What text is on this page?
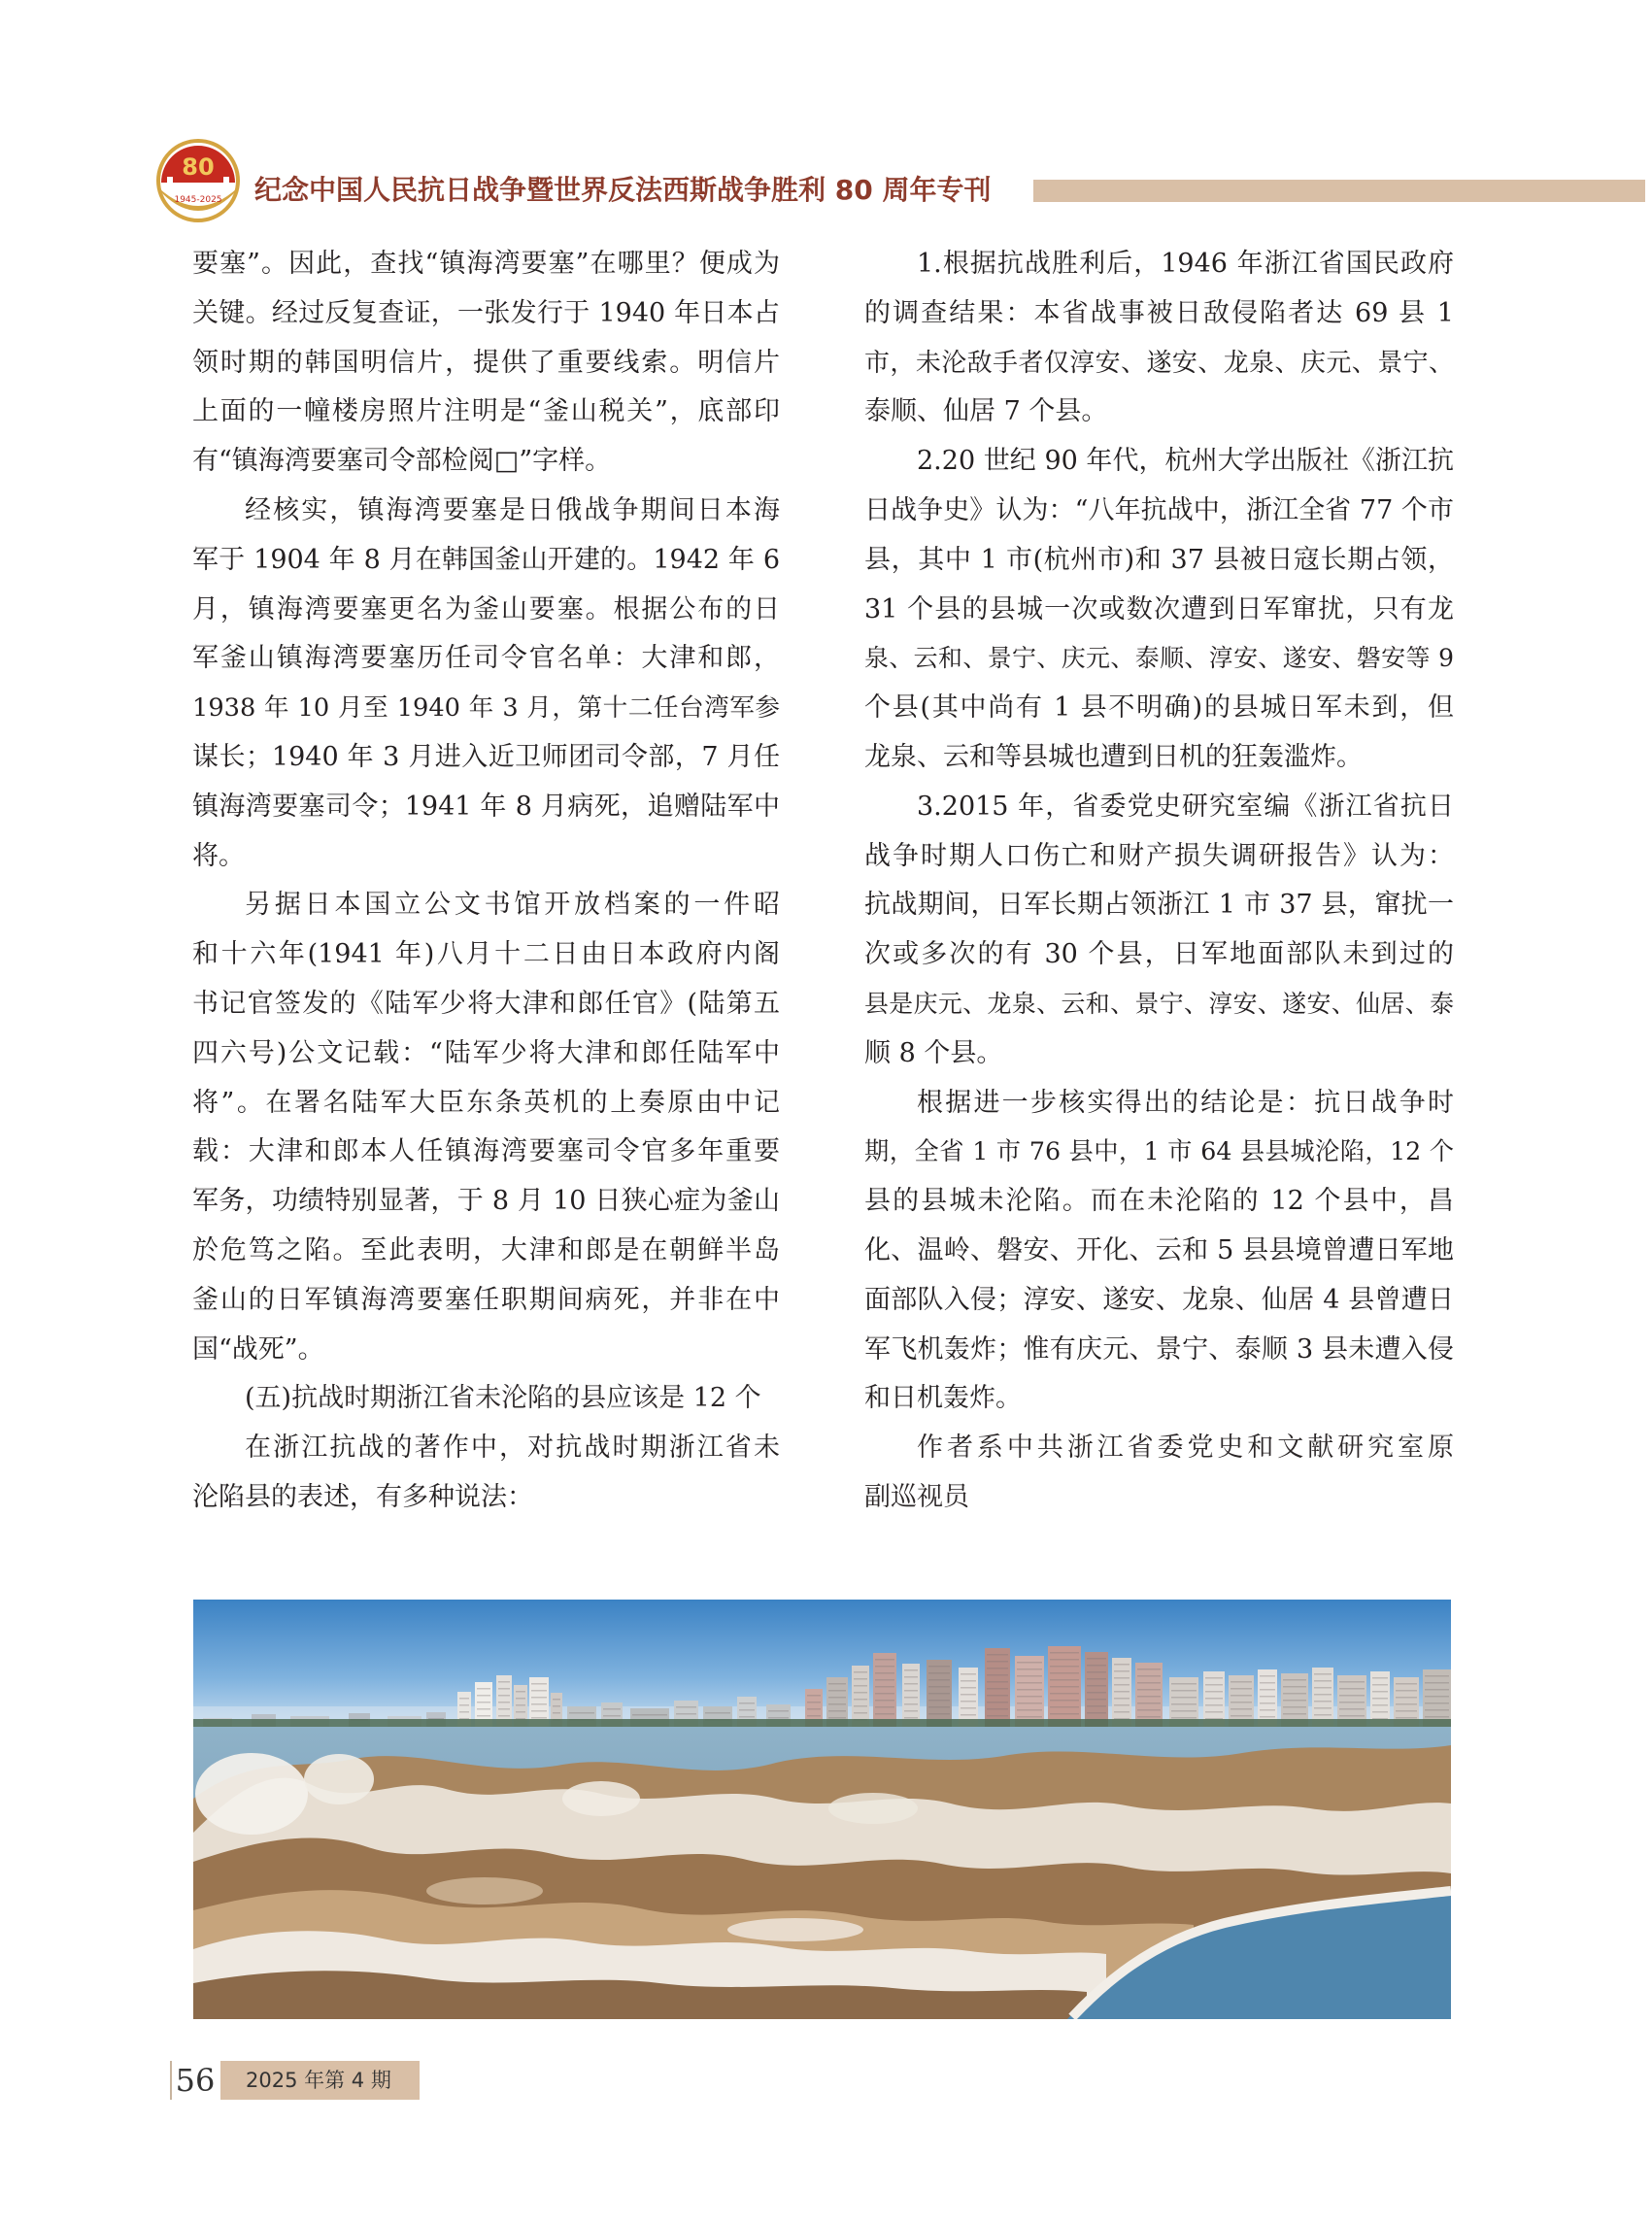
80
1945-2025 纪念中国人民抗日战争暨世界反法西斯战争胜利 80 周年专刊
要塞”。因此，查找“镇海湾要塞”在哪里？便成为
关键。经过反复查证，一张发行于 1940 年日本占
领时期的韩国明信片，提供了重要线索。明信片
上面的一幢楼房照片注明是“釜山税关”，底部印
有“镇海湾要塞司令部检阅□”字样。
经核实，镇海湾要塞是日俄战争期间日本海
军于 1904 年 8 月在韩国釜山开建的。1942 年 6
月，镇海湾要塞更名为釜山要塞。根据公布的日
军釜山镇海湾要塞历任司令官名单：大津和郎，
1938 年 10 月至 1940 年 3 月，第十二任台湾军参
谋长；1940 年 3 月进入近卫师团司令部，7 月任
镇海湾要塞司令；1941 年 8 月病死，追赠陆军中
将。
另据日本国立公文书馆开放档案的一件昭
和十六年(1941 年)八月十二日由日本政府内阁
书记官签发的《陆军少将大津和郎任官》(陆第五
四六号)公文记载：“陆军少将大津和郎任陆军中
将”。在署名陆军大臣东条英机的上奏原由中记
载：大津和郎本人任镇海湾要塞司令官多年重要
军务，功绩特别显著，于 8 月 10 日狭心症为釜山
於危笃之陷。至此表明，大津和郎是在朝鲜半岛
釜山的日军镇海湾要塞任职期间病死，并非在中
国“战死”。
(五)抗战时期浙江省未沦陷的县应该是 12 个
在浙江抗战的著作中，对抗战时期浙江省未
沦陷县的表述，有多种说法：
1.根据抗战胜利后，1946 年浙江省国民政府
的调查结果：本省战事被日敌侵陷者达 69 县 1
市，未沦敌手者仅淳安、遂安、龙泉、庆元、景宁、
泰顺、仙居 7 个县。
2.20 世纪 90 年代，杭州大学出版社《浙江抗
日战争史》认为：“八年抗战中，浙江全省 77 个市
县，其中 1 市(杭州市)和 37 县被日寇长期占领，
31 个县的县城一次或数次遭到日军窜扰，只有龙
泉、云和、景宁、庆元、泰顺、淳安、遂安、磐安等 9
个县(其中尚有 1 县不明确)的县城日军未到，但
龙泉、云和等县城也遭到日机的狂轰滥炸。
3.2015 年，省委党史研究室编《浙江省抗日
战争时期人口伤亡和财产损失调研报告》认为：
抗战期间，日军长期占领浙江 1 市 37 县，窜扰一
次或多次的有 30 个县，日军地面部队未到过的
县是庆元、龙泉、云和、景宁、淳安、遂安、仙居、泰
顺 8 个县。
根据进一步核实得出的结论是：抗日战争时
期，全省 1 市 76 县中，1 市 64 县县城沦陷，12 个
县的县城未沦陷。而在未沦陷的 12 个县中，昌
化、温岭、磐安、开化、云和 5 县县境曾遭日军地
面部队入侵；淳安、遂安、龙泉、仙居 4 县曾遭日
军飞机轰炸；惟有庆元、景宁、泰顺 3 县未遭入侵
和日机轰炸。
作者系中共浙江省委党史和文献研究室原
副巡视员
56	2025 年第 4 期
